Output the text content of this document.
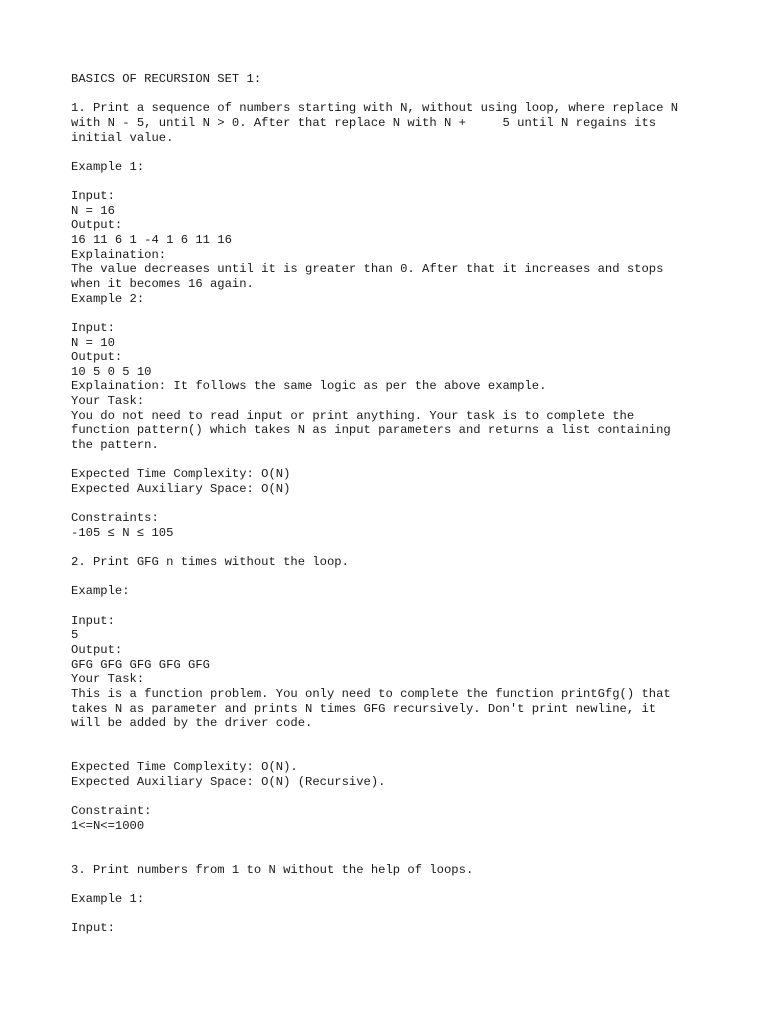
BASICS OF RECURSION SET 1:
1. Print a sequence of numbers starting with N, without using loop, where replace N
with N - 5, until N > 0. After that replace N with N +     5 until N regains its
initial value.
Example 1:
Input:
N = 16
Output:
16 11 6 1 -4 1 6 11 16
Explaination:
The value decreases until it is greater than 0. After that it increases and stops
when it becomes 16 again.
Example 2:
Input:
N = 10
Output:
10 5 0 5 10
Explaination: It follows the same logic as per the above example.
Your Task:
You do not need to read input or print anything. Your task is to complete the
function pattern() which takes N as input parameters and returns a list containing
the pattern.
Expected Time Complexity: O(N)
Expected Auxiliary Space: O(N)
Constraints:
-105 ≤ N ≤ 105
2. Print GFG n times without the loop.
Example:
Input:
5
Output:
GFG GFG GFG GFG GFG
Your Task:
This is a function problem. You only need to complete the function printGfg() that
takes N as parameter and prints N times GFG recursively. Don't print newline, it
will be added by the driver code.
Expected Time Complexity: O(N).
Expected Auxiliary Space: O(N) (Recursive).
Constraint:
1<=N<=1000
3. Print numbers from 1 to N without the help of loops.
Example 1:
Input:
